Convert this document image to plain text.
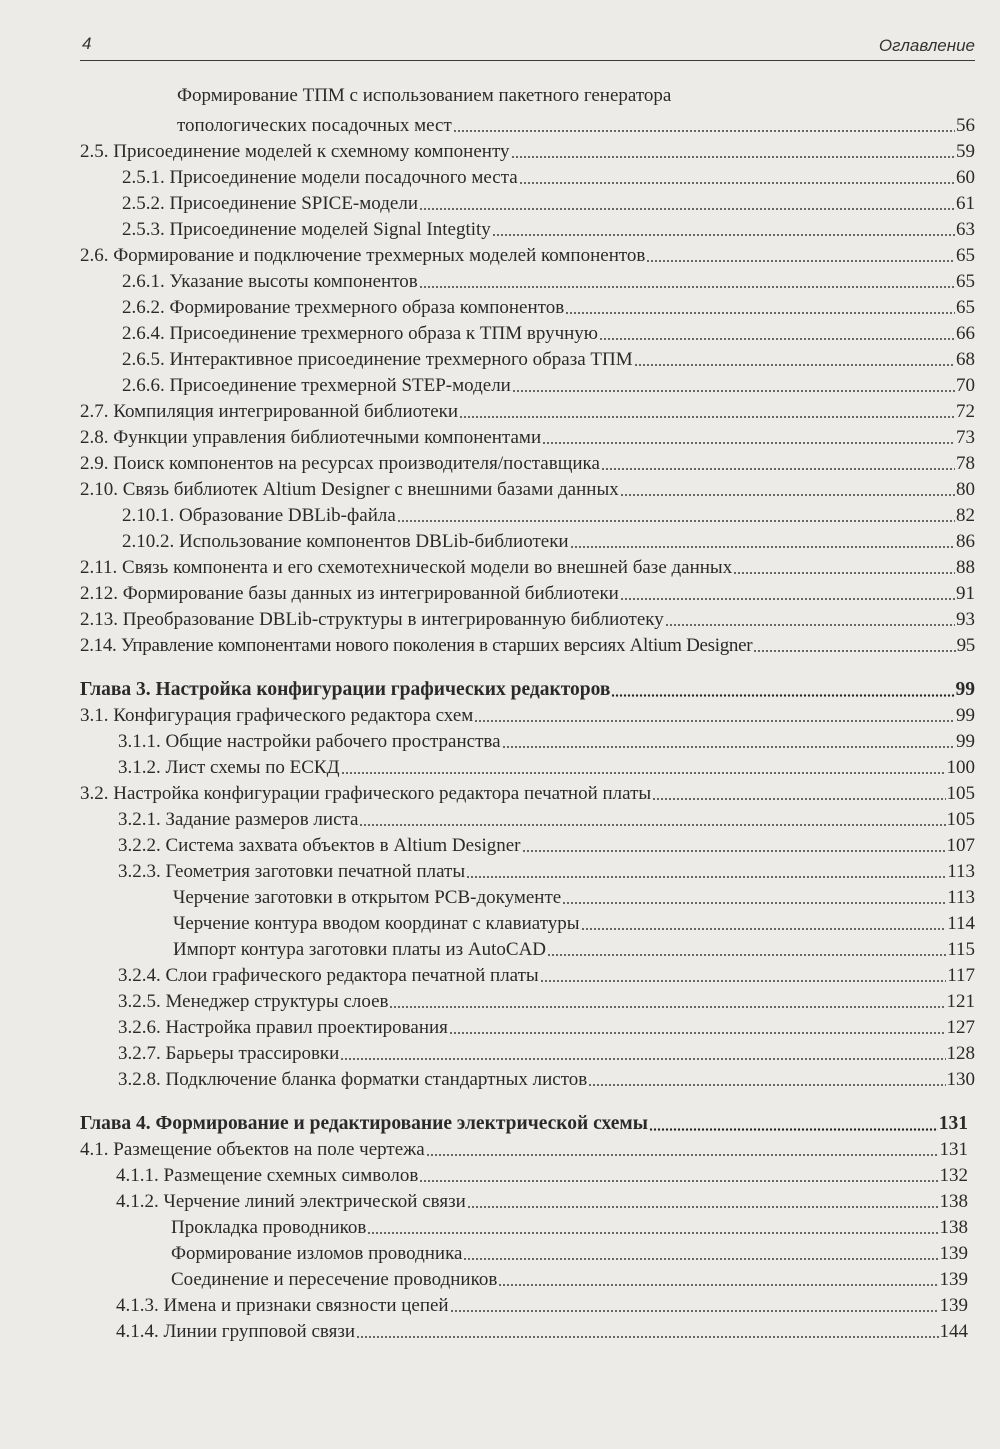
4	Оглавление
Формирование ТПМ с использованием пакетного генератора
топологических посадочных мест	56
2.5. Присоединение моделей к схемному компоненту	59
2.5.1. Присоединение модели посадочного места	60
2.5.2. Присоединение SPICE-модели	61
2.5.3. Присоединение моделей Signal Integtity	63
2.6. Формирование и подключение трехмерных моделей компонентов	65
2.6.1. Указание высоты компонентов	65
2.6.2. Формирование трехмерного образа компонентов	65
2.6.4. Присоединение трехмерного образа к ТПМ вручную	66
2.6.5. Интерактивное присоединение трехмерного образа ТПМ	68
2.6.6. Присоединение трехмерной STEP-модели	70
2.7. Компиляция интегрированной библиотеки	72
2.8. Функции управления библиотечными компонентами	73
2.9. Поиск компонентов на ресурсах производителя/поставщика	78
2.10. Связь библиотек Altium Designer с внешними базами данных	80
2.10.1. Образование DBLib-файла	82
2.10.2. Использование компонентов DBLib-библиотеки	86
2.11. Связь компонента и его схемотехнической модели во внешней базе данных	88
2.12. Формирование базы данных из интегрированной библиотеки	91
2.13. Преобразование DBLib-структуры в интегрированную библиотеку	93
2.14. Управление компонентами нового поколения в старших версиях Altium Designer	95
Глава 3. Настройка конфигурации графических редакторов	99
3.1. Конфигурация графического редактора схем	99
3.1.1. Общие настройки рабочего пространства	99
3.1.2. Лист схемы по ЕСКД	100
3.2. Настройка конфигурации графического редактора печатной платы	105
3.2.1. Задание размеров листа	105
3.2.2. Система захвата объектов в Altium Designer	107
3.2.3. Геометрия заготовки печатной платы	113
Черчение заготовки в открытом PCB-документе	113
Черчение контура вводом координат с клавиатуры	114
Импорт контура заготовки платы из AutoCAD	115
3.2.4. Слои графического редактора печатной платы	117
3.2.5. Менеджер структуры слоев	121
3.2.6. Настройка правил проектирования	127
3.2.7. Барьеры трассировки	128
3.2.8. Подключение бланка форматки стандартных листов	130
Глава 4. Формирование и редактирование электрической схемы	131
4.1. Размещение объектов на поле чертежа	131
4.1.1. Размещение схемных символов	132
4.1.2. Черчение линий электрической связи	138
Прокладка проводников	138
Формирование изломов проводника	139
Соединение и пересечение проводников	139
4.1.3. Имена и признаки связности цепей	139
4.1.4. Линии групповой связи	144
